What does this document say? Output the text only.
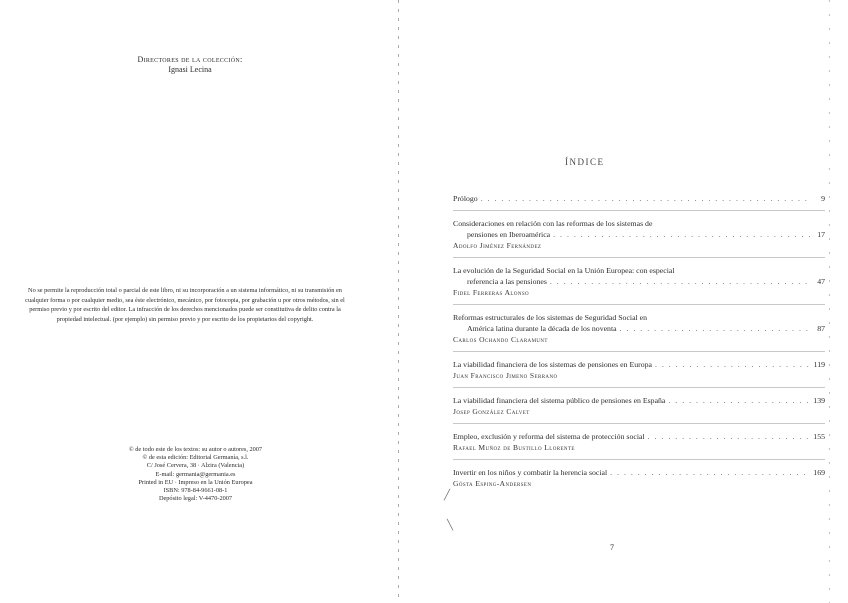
Directores de la colección:
Ignasi Lecina
No se permite la reproducción total o parcial de este libro, ni su incorporación a un sistema informático, ni su transmisión en cualquier forma o por cualquier medio, sea éste electrónico, mecánico, por fotocopia, por grabación u por otros métodos, sin el permiso previo y por escrito del editor. La infracción de los derechos mencionados puede ser constitutiva de delito contra la propiedad intelectual. (por ejemplo) sin permiso previo y por escrito de los propietarios del copyright.
© de todo este de los textos: su autor o autores, 2007
© de esta edición: Editorial Germanía, s.l.
C/ José Cervera, 38 · Alzira (Valencia)
E-mail: germania@germania.es
Printed in EU · Impreso en la Unión Europea
ISBN: 978-84-9661-08-1
Depósito legal: V-4470-2007
ÍNDICE
Prólogo . . .	9
Consideraciones en relación con las reformas de los sistemas de
pensiones en Iberoamérica . . .	17
Adolfo Jiménez Fernández
La evolución de la Seguridad Social en la Unión Europea: con especial
referencia a las pensiones . . .	47
Fidel Ferreras Alonso
Reformas estructurales de los sistemas de Seguridad Social en
América latina durante la década de los noventa . . .	87
Carlos Ochando Claramunt
La viabilidad financiera de los sistemas de pensiones en Europa . . .	119
Juan Francisco Jimeno Serrano
La viabilidad financiera del sistema público de pensiones en España . . .	139
Josep González Calvet
Empleo, exclusión y reforma del sistema de protección social . . .	155
Rafael Muñoz de Bustillo Llorente
Invertir en los niños y combatir la herencia social . . .	169
Gösta Esping-Andersen
7
╱
╲
